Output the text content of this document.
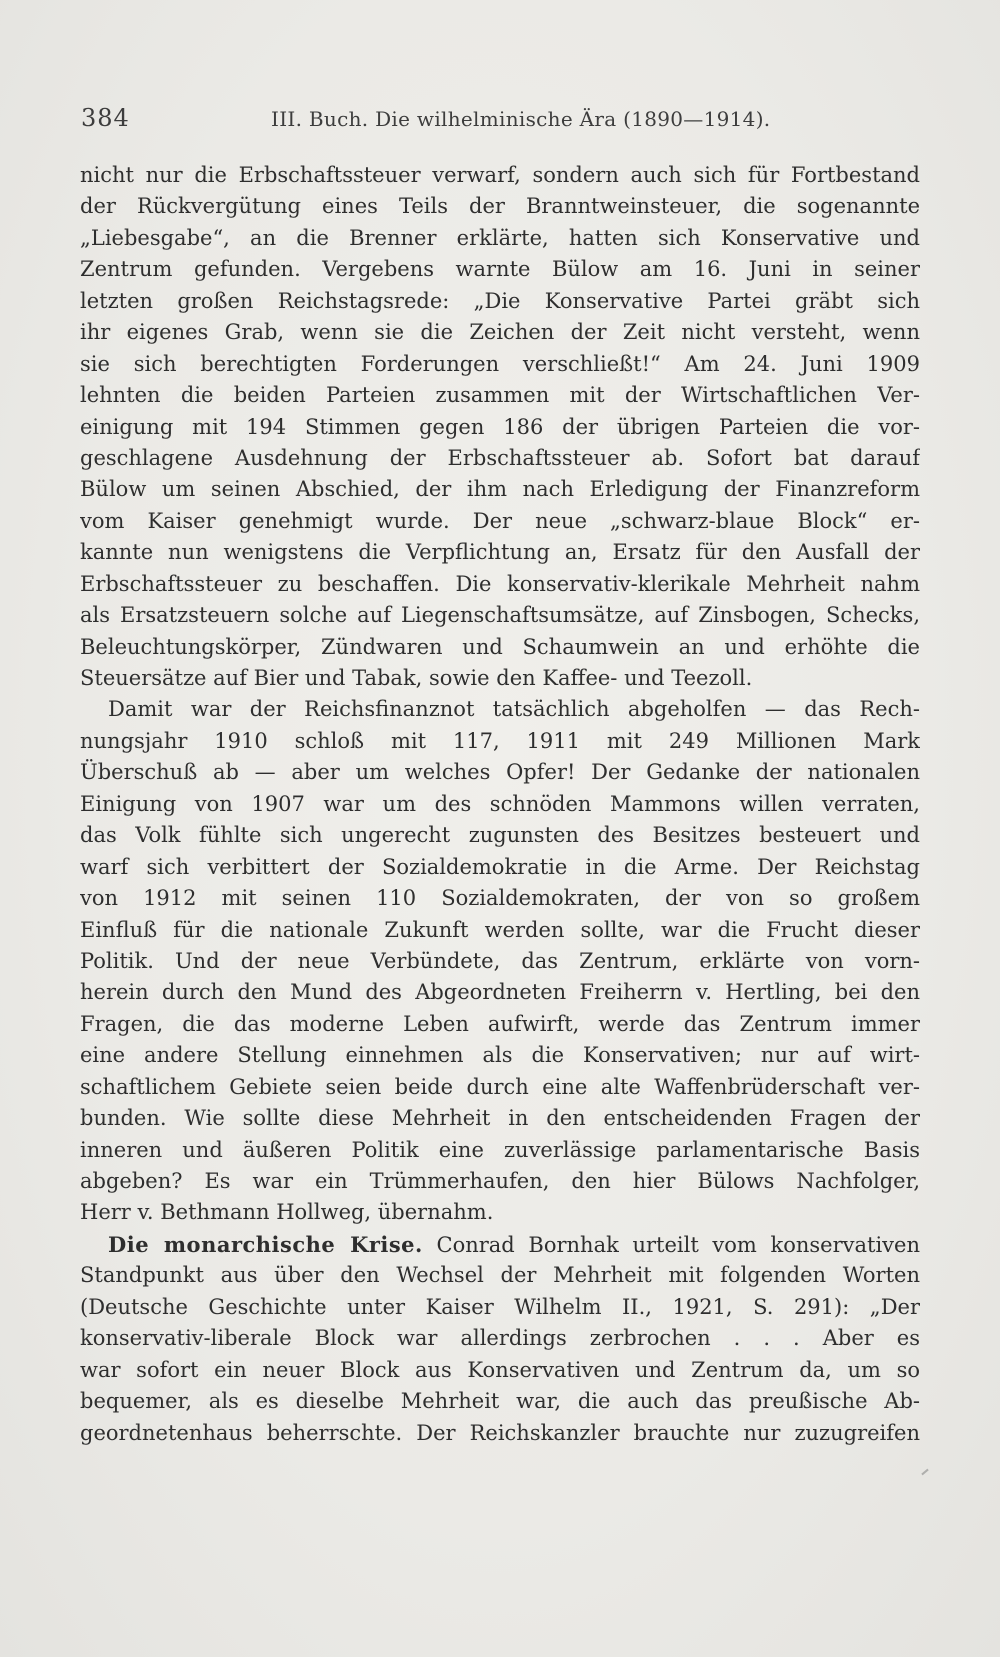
384	III. Buch. Die wilhelminische Ära (1890—1914).
nicht nur die Erbschaftssteuer verwarf, sondern auch sich für Fortbestand
der Rückvergütung eines Teils der Branntweinsteuer, die sogenannte
„Liebesgabe“, an die Brenner erklärte, hatten sich Konservative und
Zentrum gefunden. Vergebens warnte Bülow am 16. Juni in seiner
letzten großen Reichstagsrede: „Die Konservative Partei gräbt sich
ihr eigenes Grab, wenn sie die Zeichen der Zeit nicht versteht, wenn
sie sich berechtigten Forderungen verschließt!“ Am 24. Juni 1909
lehnten die beiden Parteien zusammen mit der Wirtschaftlichen Ver-
einigung mit 194 Stimmen gegen 186 der übrigen Parteien die vor-
geschlagene Ausdehnung der Erbschaftssteuer ab. Sofort bat darauf
Bülow um seinen Abschied, der ihm nach Erledigung der Finanzreform
vom Kaiser genehmigt wurde. Der neue „schwarz-blaue Block“ er-
kannte nun wenigstens die Verpflichtung an, Ersatz für den Ausfall der
Erbschaftssteuer zu beschaffen. Die konservativ-klerikale Mehrheit nahm
als Ersatzsteuern solche auf Liegenschaftsumsätze, auf Zinsbogen, Schecks,
Beleuchtungskörper, Zündwaren und Schaumwein an und erhöhte die
Steuersätze auf Bier und Tabak, sowie den Kaffee- und Teezoll.
Damit war der Reichsfinanznot tatsächlich abgeholfen — das Rech-
nungsjahr 1910 schloß mit 117, 1911 mit 249 Millionen Mark
Überschuß ab — aber um welches Opfer! Der Gedanke der nationalen
Einigung von 1907 war um des schnöden Mammons willen verraten,
das Volk fühlte sich ungerecht zugunsten des Besitzes besteuert und
warf sich verbittert der Sozialdemokratie in die Arme. Der Reichstag
von 1912 mit seinen 110 Sozialdemokraten, der von so großem
Einfluß für die nationale Zukunft werden sollte, war die Frucht dieser
Politik. Und der neue Verbündete, das Zentrum, erklärte von vorn-
herein durch den Mund des Abgeordneten Freiherrn v. Hertling, bei den
Fragen, die das moderne Leben aufwirft, werde das Zentrum immer
eine andere Stellung einnehmen als die Konservativen; nur auf wirt-
schaftlichem Gebiete seien beide durch eine alte Waffenbrüderschaft ver-
bunden. Wie sollte diese Mehrheit in den entscheidenden Fragen der
inneren und äußeren Politik eine zuverlässige parlamentarische Basis
abgeben? Es war ein Trümmerhaufen, den hier Bülows Nachfolger,
Herr v. Bethmann Hollweg, übernahm.
Die monarchische Krise. Conrad Bornhak urteilt vom konservativen
Standpunkt aus über den Wechsel der Mehrheit mit folgenden Worten
(Deutsche Geschichte unter Kaiser Wilhelm II., 1921, S. 291): „Der
konservativ-liberale Block war allerdings zerbrochen . . . Aber es
war sofort ein neuer Block aus Konservativen und Zentrum da, um so
bequemer, als es dieselbe Mehrheit war, die auch das preußische Ab-
geordnetenhaus beherrschte. Der Reichskanzler brauchte nur zuzugreifen
